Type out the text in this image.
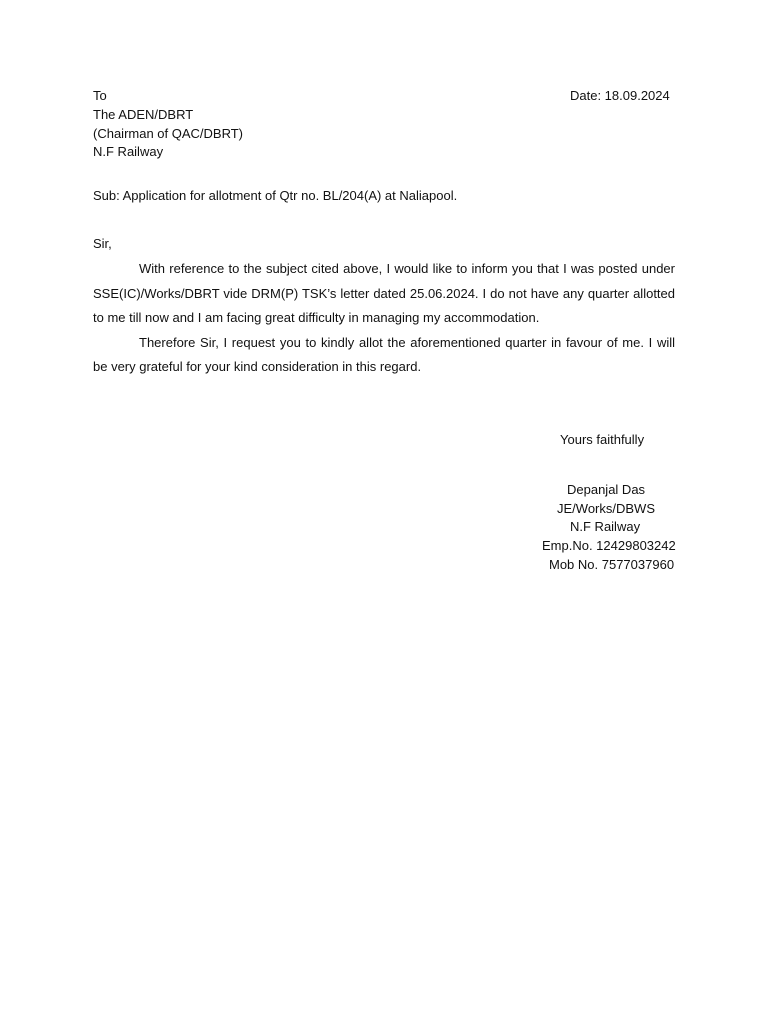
To	Date: 18.09.2024
The ADEN/DBRT
(Chairman of QAC/DBRT)
N.F Railway
Sub: Application for allotment of Qtr no. BL/204(A) at Naliapool.
Sir,

With reference to the subject cited above, I would like to inform you that I was posted under SSE(IC)/Works/DBRT vide DRM(P) TSK’s letter dated 25.06.2024. I do not have any quarter allotted to me till now and I am facing great difficulty in managing my accommodation.

Therefore Sir, I request you to kindly allot the aforementioned quarter in favour of me. I will be very grateful for your kind consideration in this regard.

Yours faithfully
Depanjal Das
JE/Works/DBWS
N.F Railway
Emp.No. 12429803242
Mob No. 7577037960
